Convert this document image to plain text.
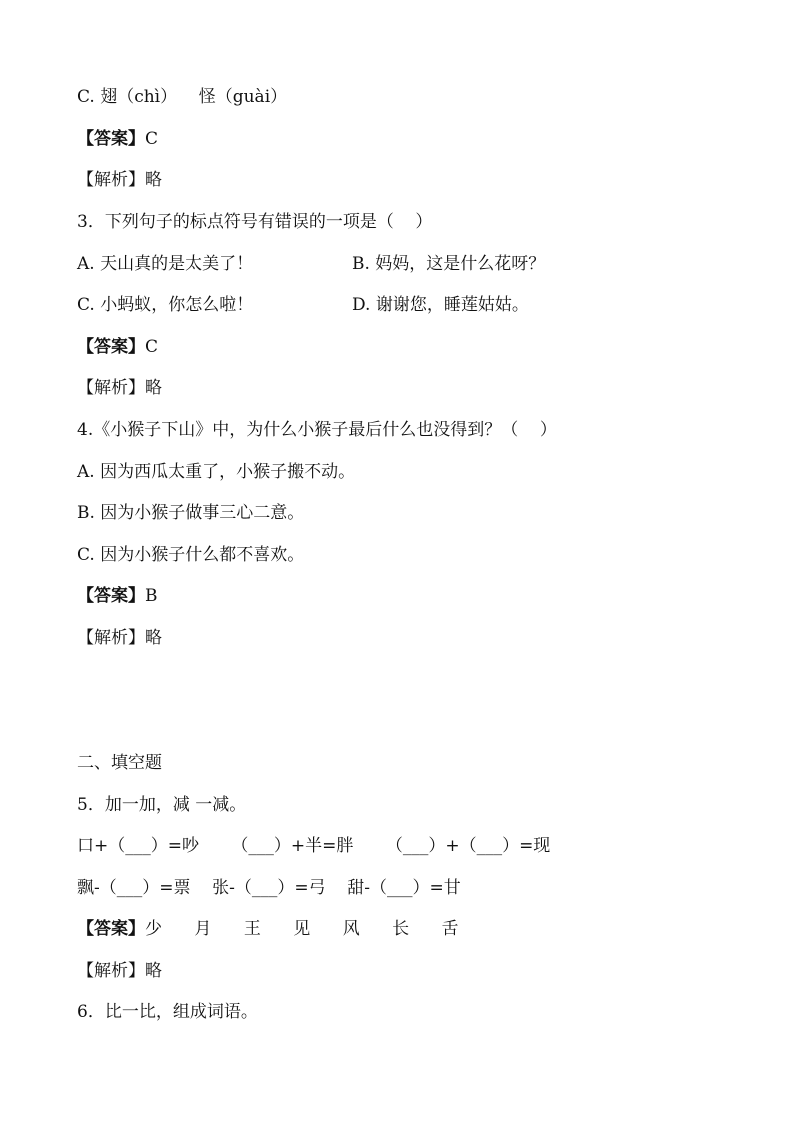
C. 翅（chì）    怪（guài）
【答案】C
【解析】略
3．下列句子的标点符号有错误的一项是（    ）
A. 天山真的是太美了！	B. 妈妈，这是什么花呀？
C. 小蚂蚁，你怎么啦！	D. 谢谢您，睡莲姑姑。
【答案】C
【解析】略
4.《小猴子下山》中，为什么小猴子最后什么也没得到？（    ）
A. 因为西瓜太重了，小猴子搬不动。
B. 因为小猴子做事三心二意。
C. 因为小猴子什么都不喜欢。
【答案】B
【解析】略
二、填空题
5．加一加，减 一减。
口+（___）=吵      （___）+半=胖      （___）+（___）=现
飘-（___）=票    张-（___）=弓    甜-（___）=甘
【答案】少      月      王      见      风      长      舌
【解析】略
6．比一比，组成词语。
